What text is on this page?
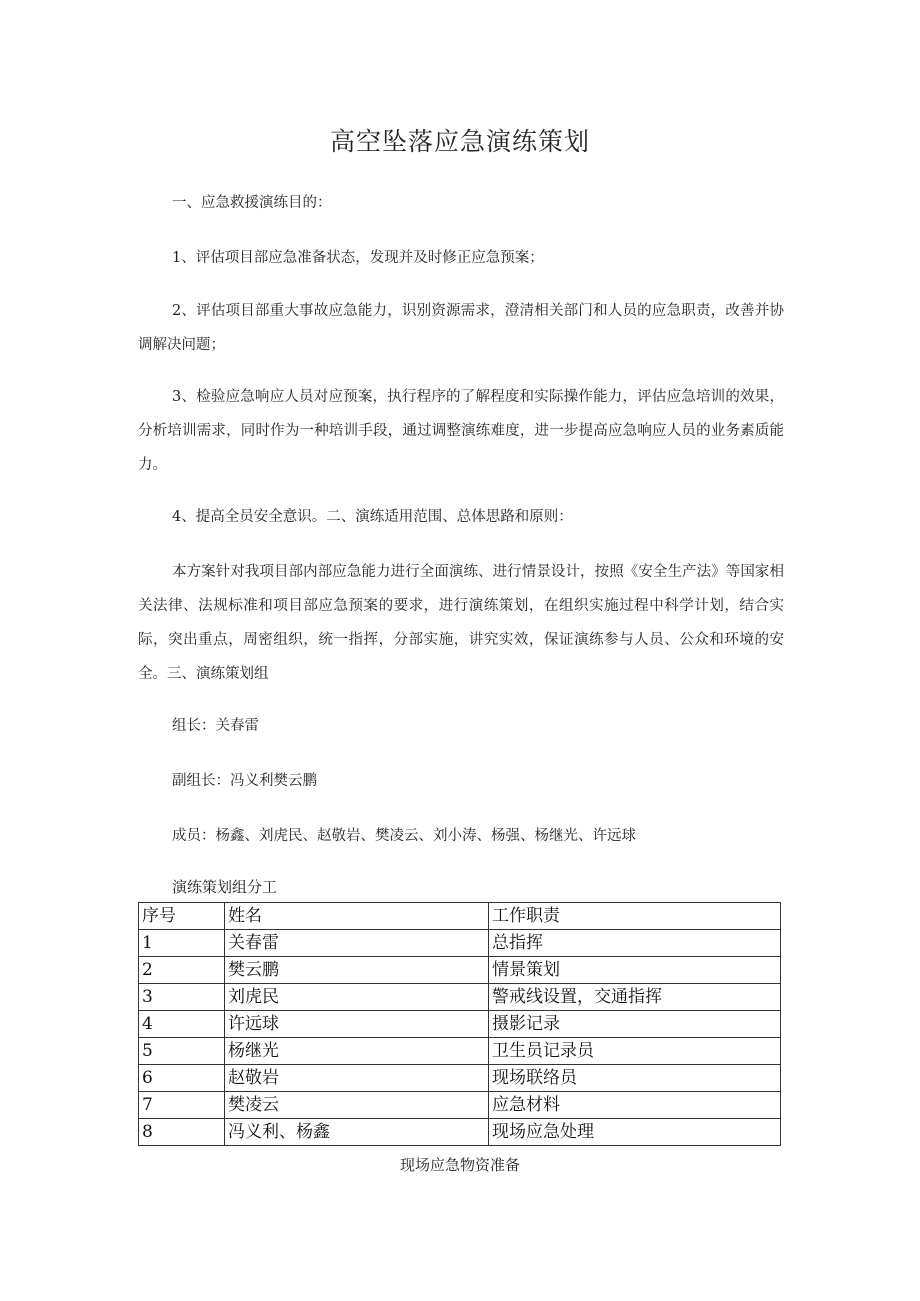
高空坠落应急演练策划
一、应急救援演练目的：
1、评估项目部应急准备状态，发现并及时修正应急预案；
2、评估项目部重大事故应急能力，识别资源需求，澄清相关部门和人员的应急职责，改善并协调解决问题；
3、检验应急响应人员对应预案，执行程序的了解程度和实际操作能力，评估应急培训的效果，分析培训需求，同时作为一种培训手段，通过调整演练难度，进一步提高应急响应人员的业务素质能力。
4、提高全员安全意识。二、演练适用范围、总体思路和原则：
本方案针对我项目部内部应急能力进行全面演练、进行情景设计，按照《安全生产法》等国家相关法律、法规标准和项目部应急预案的要求，进行演练策划，在组织实施过程中科学计划，结合实际，突出重点，周密组织，统一指挥，分部实施，讲究实效，保证演练参与人员、公众和环境的安全。三、演练策划组
组长：关春雷
副组长：冯义利樊云鹏
成员：杨鑫、刘虎民、赵敬岩、樊凌云、刘小涛、杨强、杨继光、许远球
演练策划组分工
序号	姓名	工作职责
1	关春雷	总指挥
2	樊云鹏	情景策划
3	刘虎民	警戒线设置，交通指挥
4	许远球	摄影记录
5	杨继光	卫生员记录员
6	赵敬岩	现场联络员
7	樊凌云	应急材料
8	冯义利、杨鑫	现场应急处理
现场应急物资准备
